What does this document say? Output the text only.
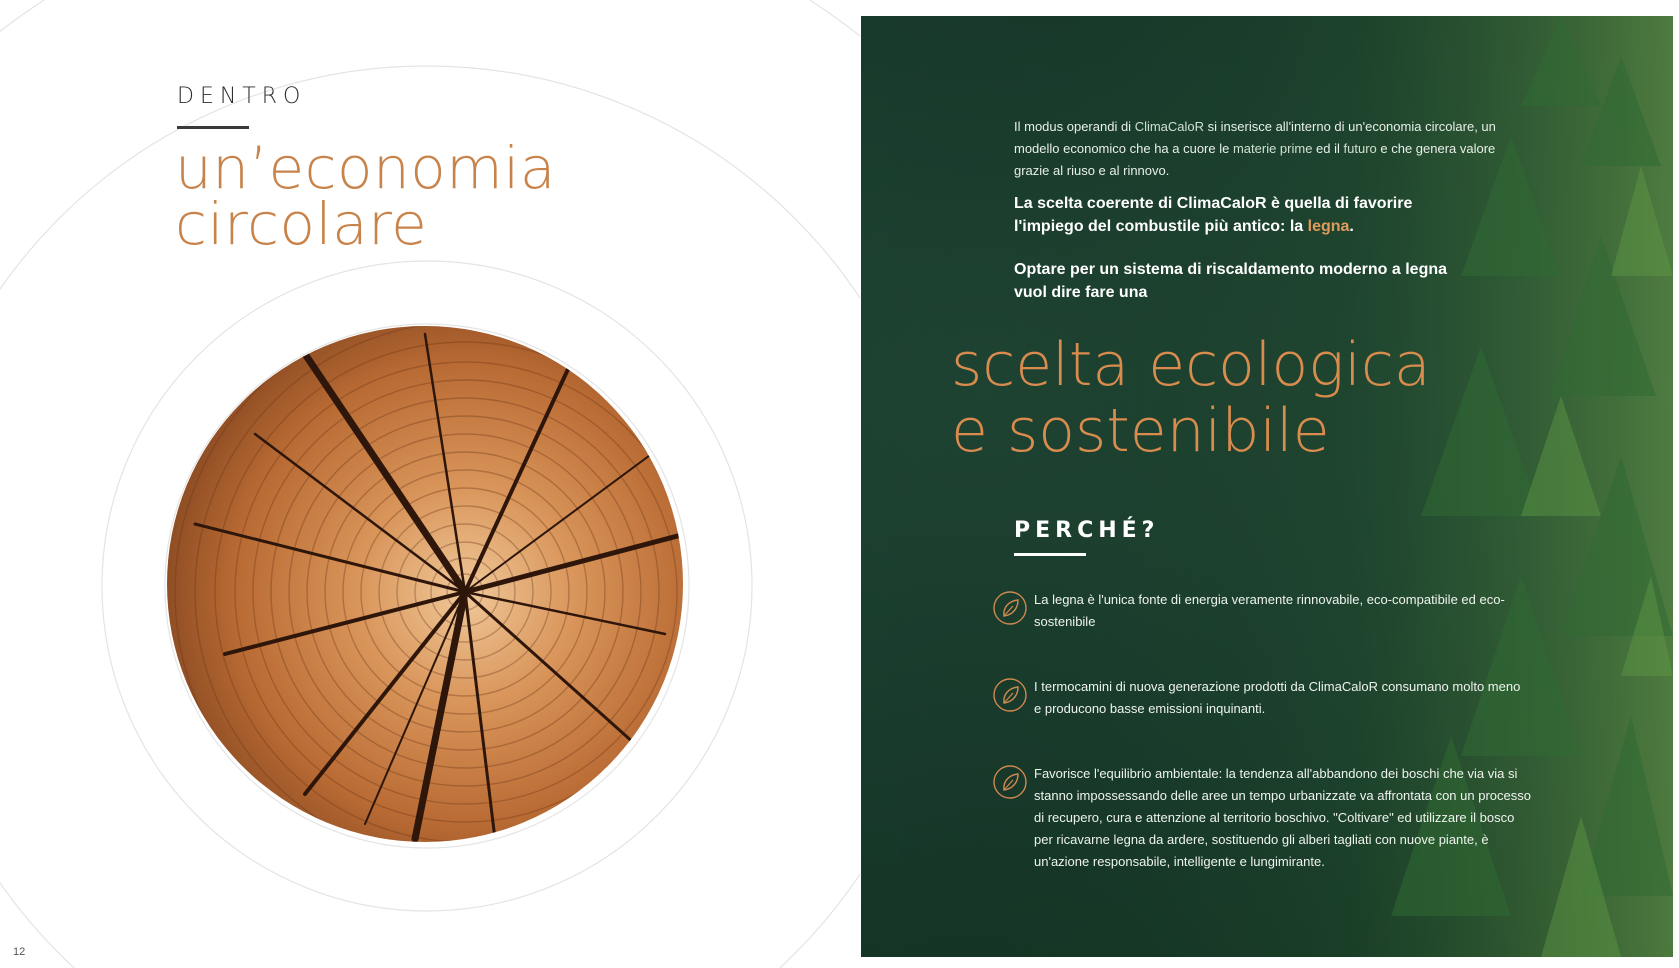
DENTRO
un’economia
circolare
12

Il modus operandi di ClimaCaloR si inserisce all'interno di un'economia circolare, un modello economico che ha a cuore le materie prime ed il futuro e che genera valore grazie al riuso e al rinnovo.

La scelta coerente di ClimaCaloR è quella di favorire l'impiego del combustile più antico: la legna.

Optare per un sistema di riscaldamento moderno a legna vuol dire fare una

scelta ecologica
e sostenibile
PERCHÉ?

La legna è l'unica fonte di energia veramente rinnovabile, eco-compatibile ed eco-sostenibile

I termocamini di nuova generazione prodotti da ClimaCaloR consumano molto meno e producono basse emissioni inquinanti.

Favorisce l'equilibrio ambientale: la tendenza all'abbandono dei boschi che via via si stanno impossessando delle aree un tempo urbanizzate va affrontata con un processo di recupero, cura e attenzione al territorio boschivo. "Coltivare" ed utilizzare il bosco per ricavarne legna da ardere, sostituendo gli alberi tagliati con nuove piante, è un'azione responsabile, intelligente e lungimirante.
